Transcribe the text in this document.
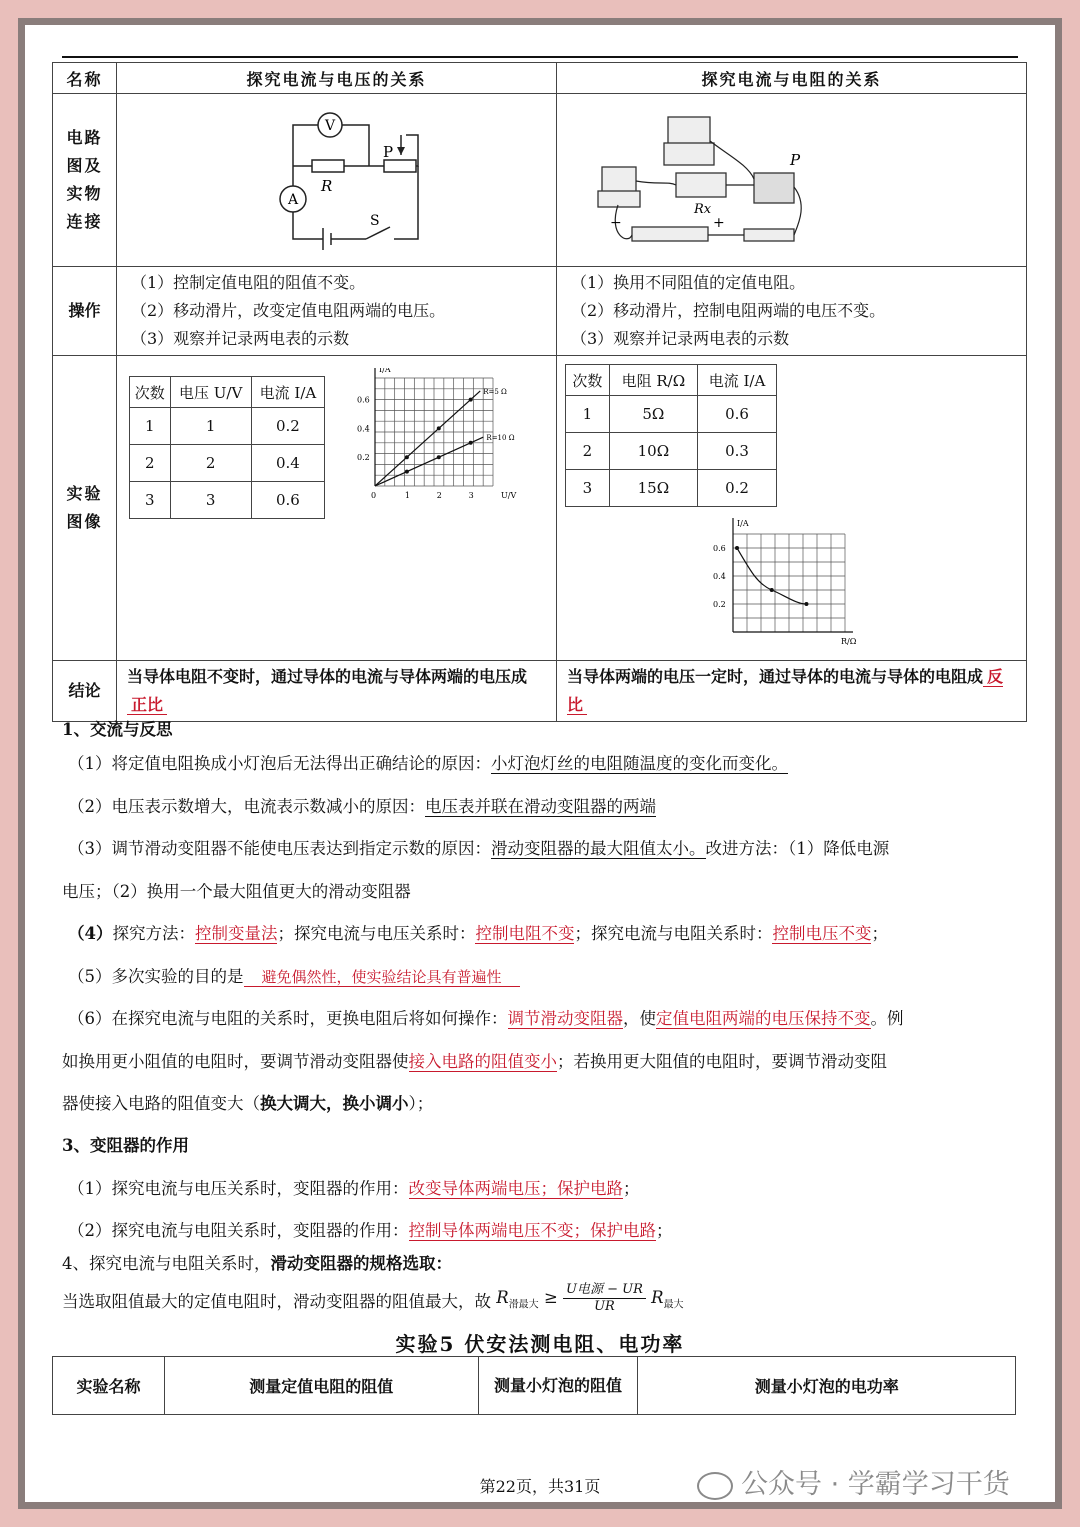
名称	探究电流与电压的关系	探究电流与电阻的关系

电路图及实物连接

V
A
R
P
S

P
Rx
−	+

操作	
（1）控制定值电阻的阻值不变。
（2）移动滑片，改变定值电阻两端的电压。
（3）观察并记录两电表的示数

（1）换用不同阻值的定值电阻。
（2）移动滑片，控制电阻两端的电压不变。
（3）观察并记录两电表的示数

实验图像

次数	电压 U/V	电流 I/A
1	1	0.2
2	2	0.4
3	3	0.6
I/A
U/V
0	1	2	3
0.2
0.4
0.6
R=5 Ω
R=10 Ω

次数	电阻 R/Ω	电流 I/A
1	5Ω	0.6
2	10Ω	0.3
3	15Ω	0.2
I/A
R/Ω
0.6
0.4
0.2

结论	当导体电阻不变时，通过导体的电流与导体两端的电压成正比	当导体两端的电压一定时，通过导体的电流与导体的电阻成 反比
1、交流与反思
（1）将定值电阻换成小灯泡后无法得出正确结论的原因：小灯泡灯丝的电阻随温度的变化而变化。
（2）电压表示数增大，电流表示数减小的原因：电压表并联在滑动变阻器的两端
（3）调节滑动变阻器不能使电压表达到指定示数的原因：滑动变阻器的最大阻值太小。改进方法：（1）降低电源
电压；（2）换用一个最大阻值更大的滑动变阻器
（4）探究方法：控制变量法；探究电流与电压关系时：控制电阻不变；探究电流与电阻关系时：控制电压不变；
（5）多次实验的目的是 避免偶然性，使实验结论具有普遍性
（6）在探究电流与电阻的关系时，更换电阻后将如何操作：调节滑动变阻器，使定值电阻两端的电压保持不变。例
如换用更小阻值的电阻时，要调节滑动变阻器使接入电路的阻值变小；若换用更大阻值的电阻时，要调节滑动变阻
器使接入电路的阻值变大（换大调大，换小调小）；
3、变阻器的作用
（1）探究电流与电压关系时，变阻器的作用：改变导体两端电压；保护电路；
（2）探究电流与电阻关系时，变阻器的作用：控制导体两端电压不变；保护电路；
4、探究电流与电阻关系时，滑动变阻器的规格选取：
当选取阻值最大的定值电阻时，滑动变阻器的阻值最大，故 $R_{滑最大} \ge U$电源 − UR
UR	$R_{最大}$
实验5 伏安法测电阻、电功率
实验名称	测量定值电阻的阻值	测量小灯泡的阻值	测量小灯泡的电功率
第22页，共31页	公众号 · 学霸学习干货
